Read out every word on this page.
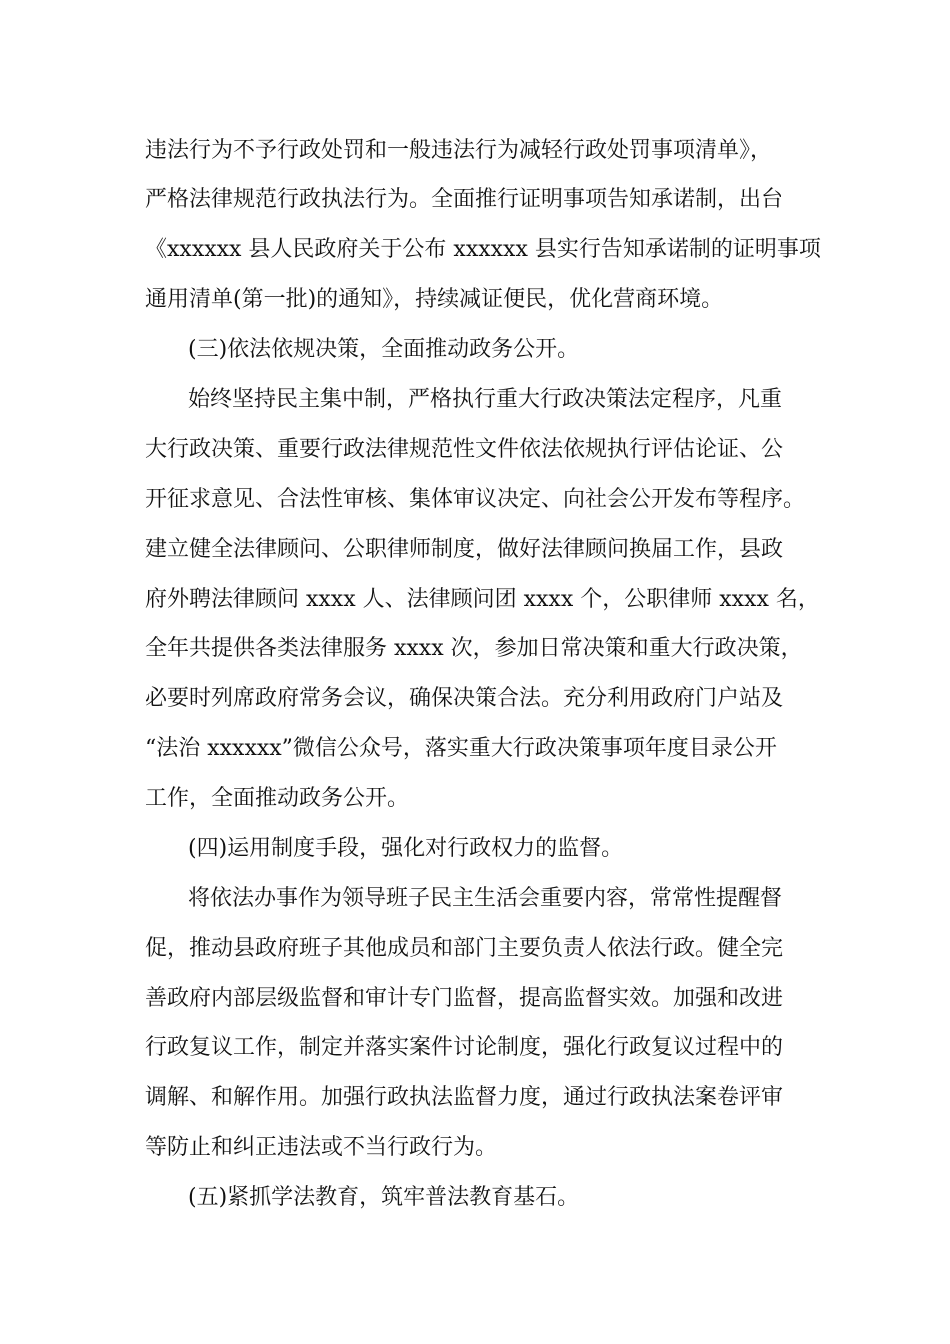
违法行为不予行政处罚和一般违法行为减轻行政处罚事项清单》，

严格法律规范行政执法行为。全面推行证明事项告知承诺制，出台

《xxxxxx 县人民政府关于公布 xxxxxx 县实行告知承诺制的证明事项

通用清单(第一批)的通知》，持续减证便民，优化营商环境。

(三)依法依规决策，全面推动政务公开。

始终坚持民主集中制，严格执行重大行政决策法定程序，凡重

大行政决策、重要行政法律规范性文件依法依规执行评估论证、公

开征求意见、合法性审核、集体审议决定、向社会公开发布等程序。

建立健全法律顾问、公职律师制度，做好法律顾问换届工作，县政

府外聘法律顾问 xxxx 人、法律顾问团 xxxx 个，公职律师 xxxx 名，

全年共提供各类法律服务 xxxx 次，参加日常决策和重大行政决策，

必要时列席政府常务会议，确保决策合法。充分利用政府门户站及

“法治 xxxxxx”微信公众号，落实重大行政决策事项年度目录公开

工作，全面推动政务公开。

(四)运用制度手段，强化对行政权力的监督。

将依法办事作为领导班子民主生活会重要内容，常常性提醒督

促，推动县政府班子其他成员和部门主要负责人依法行政。健全完

善政府内部层级监督和审计专门监督，提高监督实效。加强和改进

行政复议工作，制定并落实案件讨论制度，强化行政复议过程中的

调解、和解作用。加强行政执法监督力度，通过行政执法案卷评审

等防止和纠正违法或不当行政行为。

(五)紧抓学法教育，筑牢普法教育基石。
